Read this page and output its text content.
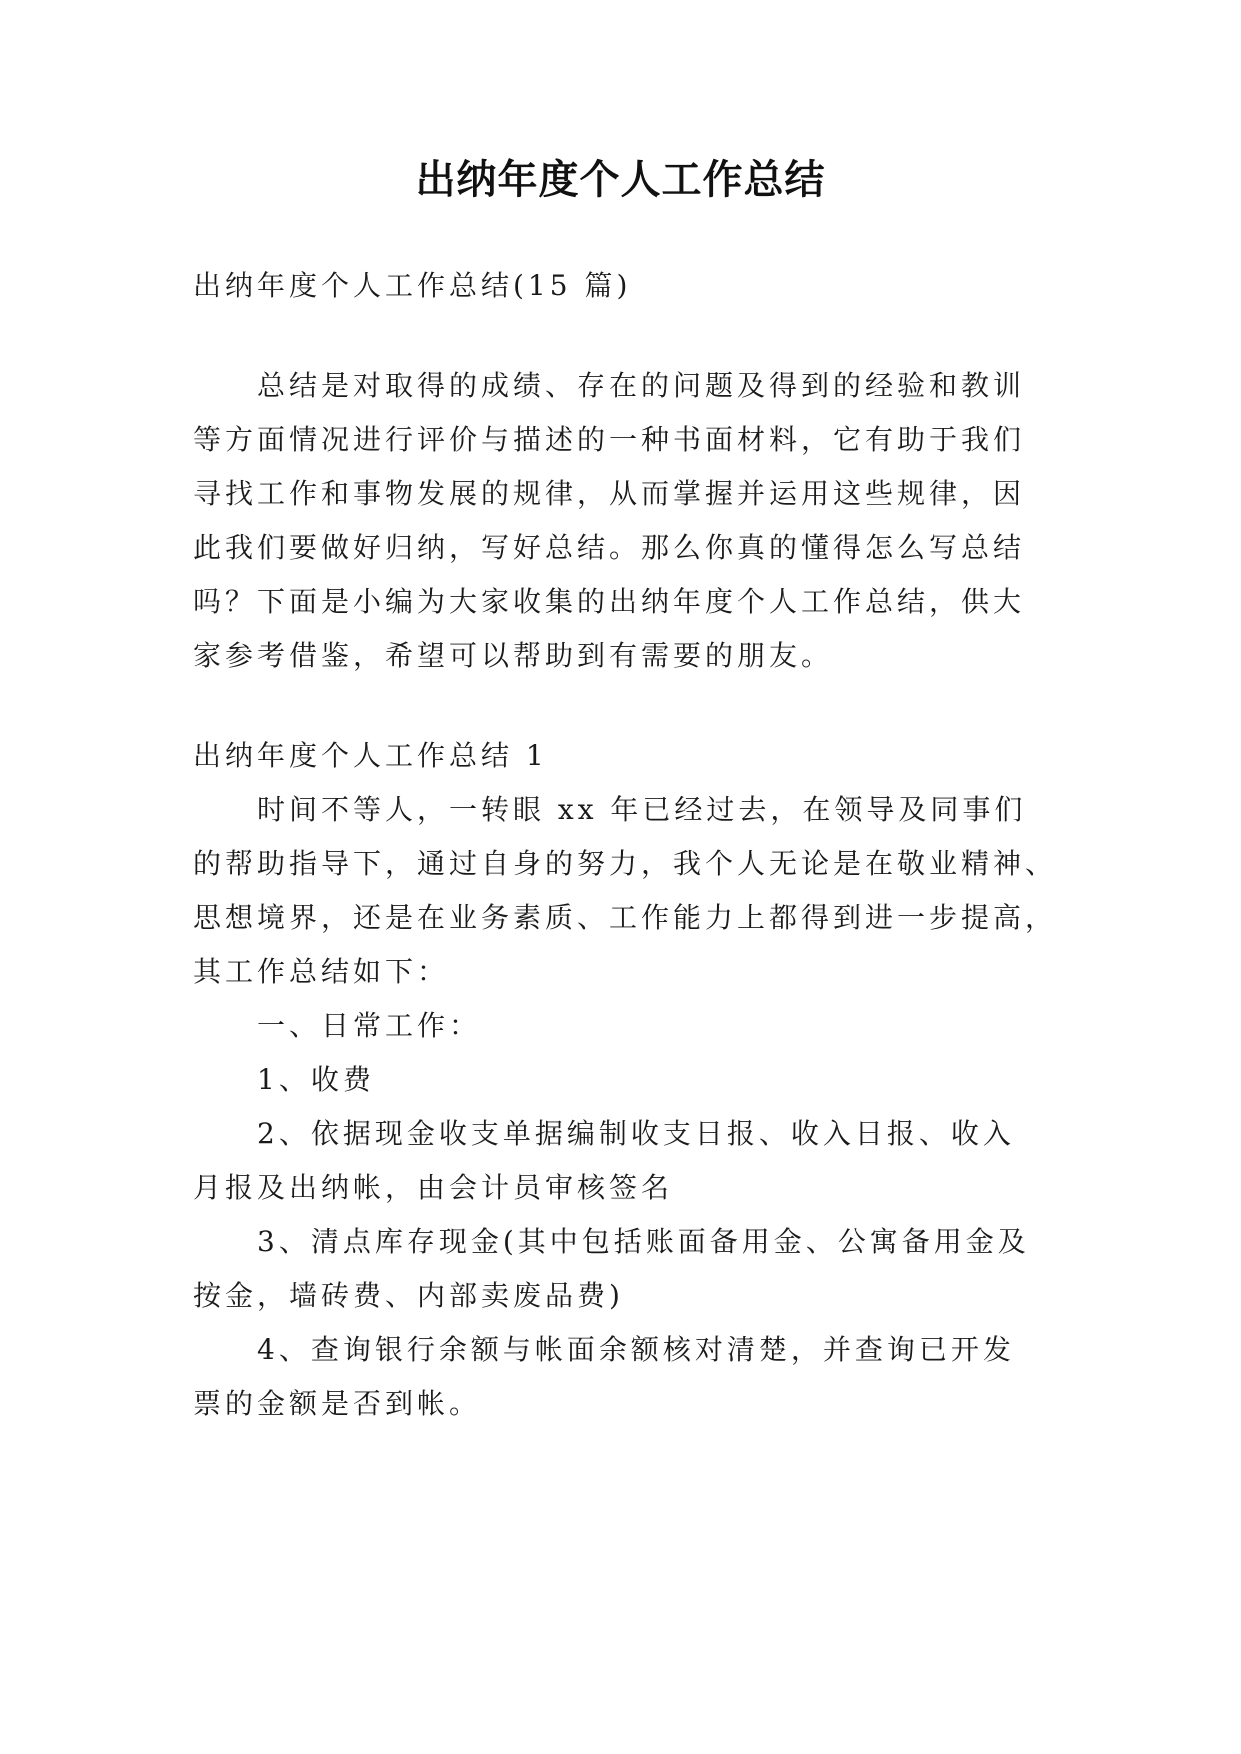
出纳年度个人工作总结
出纳年度个人工作总结(15 篇)
总结是对取得的成绩、存在的问题及得到的经验和教训
等方面情况进行评价与描述的一种书面材料，它有助于我们
寻找工作和事物发展的规律，从而掌握并运用这些规律，因
此我们要做好归纳，写好总结。那么你真的懂得怎么写总结
吗？下面是小编为大家收集的出纳年度个人工作总结，供大
家参考借鉴，希望可以帮助到有需要的朋友。
出纳年度个人工作总结 1
时间不等人，一转眼 xx 年已经过去，在领导及同事们
的帮助指导下，通过自身的努力，我个人无论是在敬业精神、
思想境界，还是在业务素质、工作能力上都得到进一步提高，
其工作总结如下：
一、日常工作：
1、收费
2、依据现金收支单据编制收支日报、收入日报、收入
月报及出纳帐，由会计员审核签名
3、清点库存现金(其中包括账面备用金、公寓备用金及
按金，墙砖费、内部卖废品费)
4、查询银行余额与帐面余额核对清楚，并查询已开发
票的金额是否到帐。
